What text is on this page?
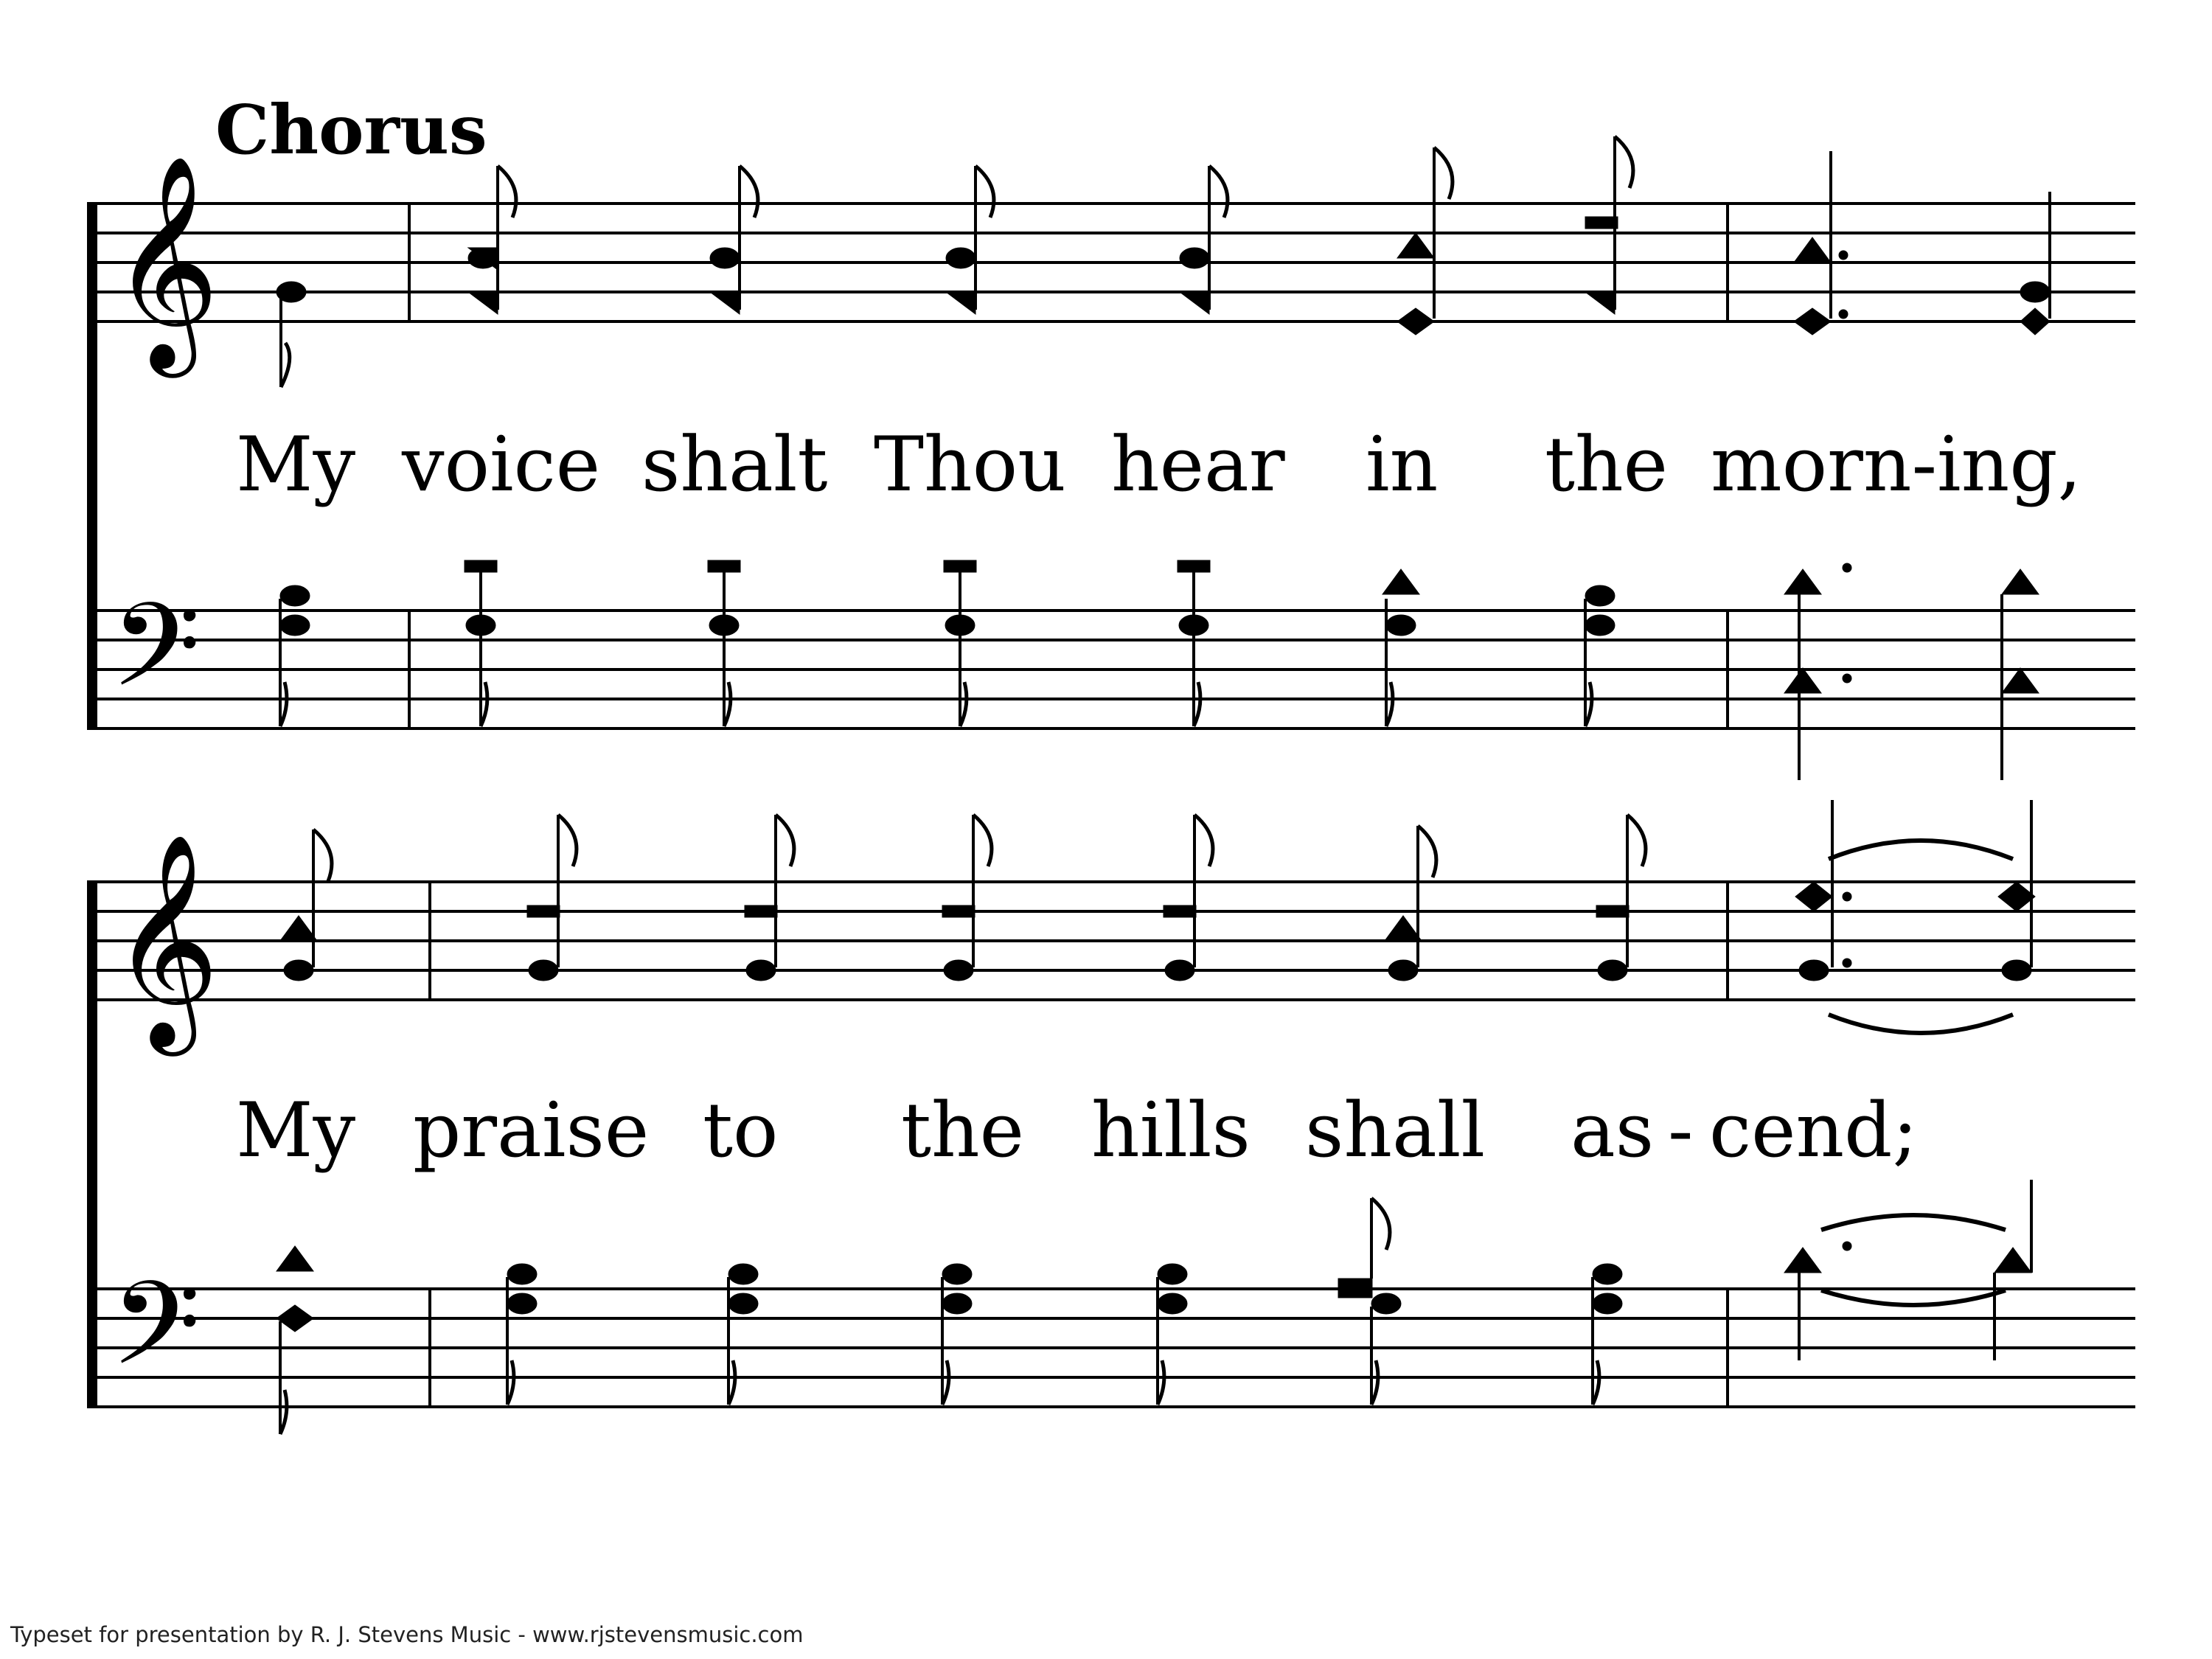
Chorus
𝄞
𝄢
My voice shalt Thou hear in the morn-ing,
𝄞
𝄢
My praise to the hills shall as - cend;
Typeset for presentation by R. J. Stevens Music - www.rjstevensmusic.com
